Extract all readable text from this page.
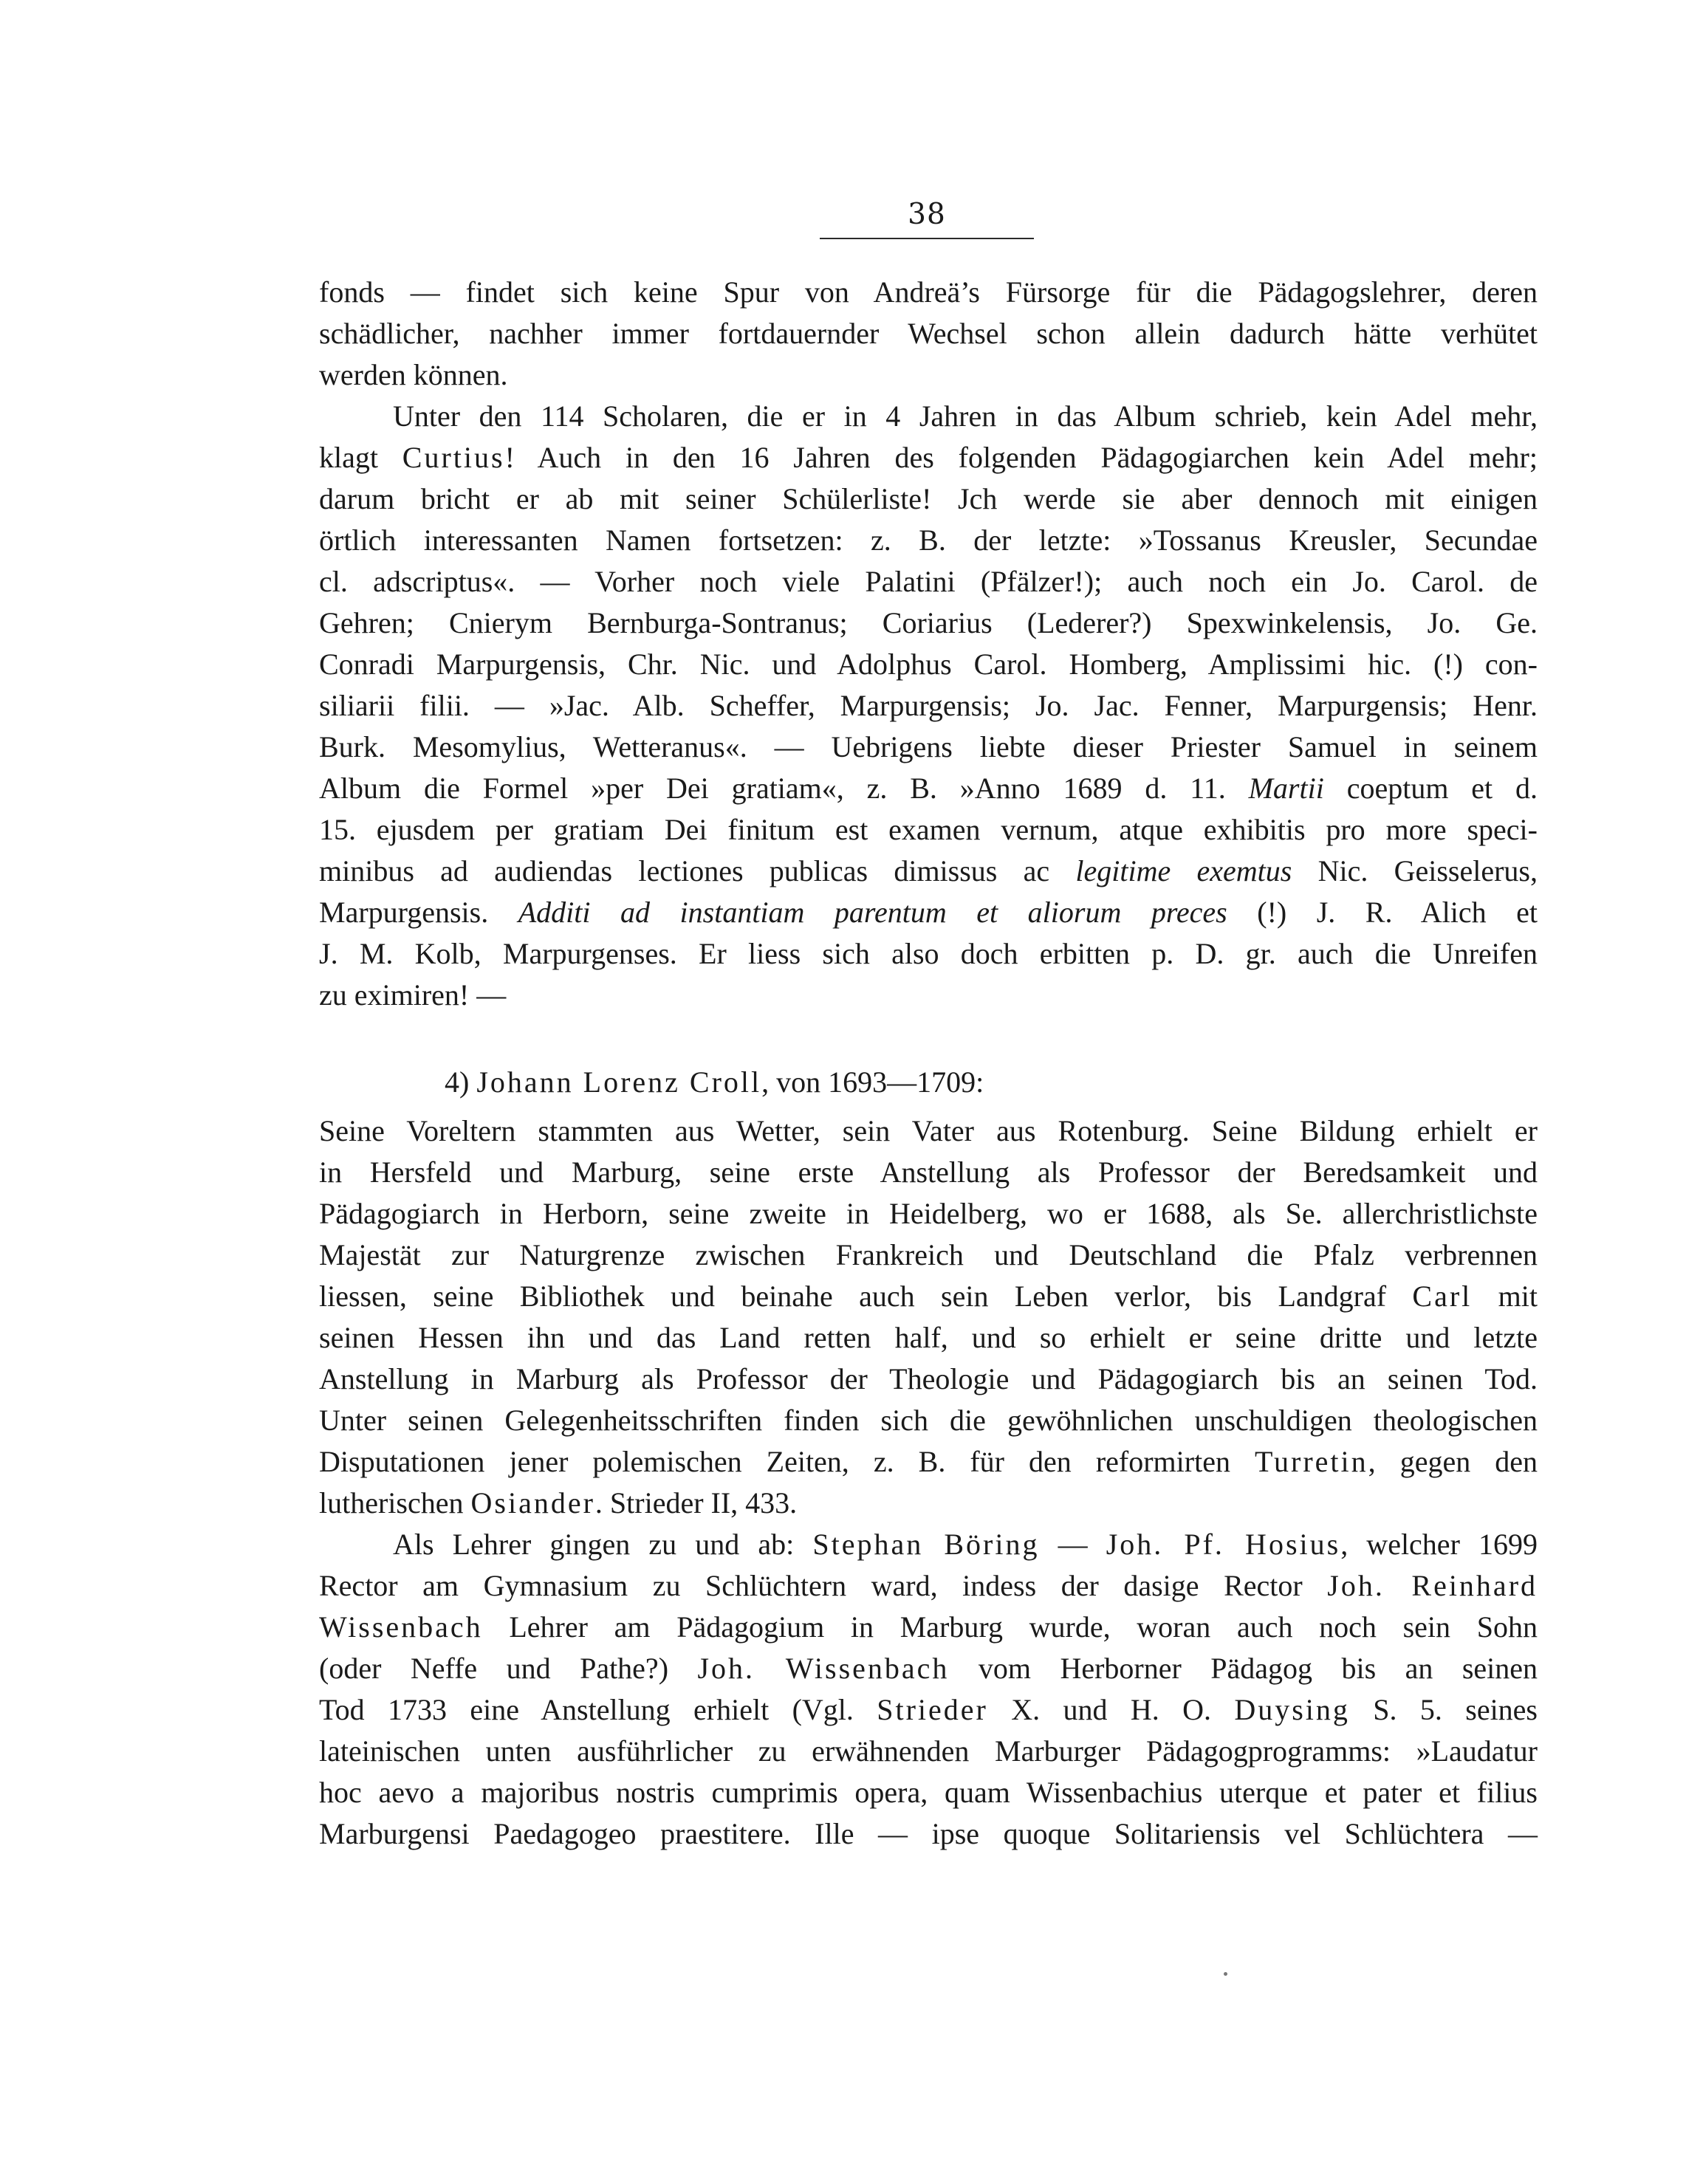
38
fonds — findet sich keine Spur von Andreä’s Fürsorge für die Pädagogslehrer, deren
schädlicher, nachher immer fortdauernder Wechsel schon allein dadurch hätte verhütet
werden können.
Unter den 114 Scholaren, die er in 4 Jahren in das Album schrieb, kein Adel mehr,
klagt Curtius! Auch in den 16 Jahren des folgenden Pädagogiarchen kein Adel mehr;
darum bricht er ab mit seiner Schülerliste! Jch werde sie aber dennoch mit einigen
örtlich interessanten Namen fortsetzen: z. B. der letzte: »Tossanus Kreusler, Secundae
cl. adscriptus«. — Vorher noch viele Palatini (Pfälzer!); auch noch ein Jo. Carol. de
Gehren; Cnierym Bernburga-Sontranus; Coriarius (Lederer?) Spexwinkelensis, Jo. Ge.
Conradi Marpurgensis, Chr. Nic. und Adolphus Carol. Homberg, Amplissimi hic. (!) con-
siliarii filii. — »Jac. Alb. Scheffer, Marpurgensis; Jo. Jac. Fenner, Marpurgensis; Henr.
Burk. Mesomylius, Wetteranus«. — Uebrigens liebte dieser Priester Samuel in seinem
Album die Formel »per Dei gratiam«, z. B. »Anno 1689 d. 11. Martii coeptum et d.
15. ejusdem per gratiam Dei finitum est examen vernum, atque exhibitis pro more speci-
minibus ad audiendas lectiones publicas dimissus ac legitime exemtus Nic. Geisselerus,
Marpurgensis. Additi ad instantiam parentum et aliorum preces (!) J. R. Alich et
J. M. Kolb, Marpurgenses. Er liess sich also doch erbitten p. D. gr. auch die Unreifen
zu eximiren! —
4) Johann Lorenz Croll, von 1693—1709:
Seine Voreltern stammten aus Wetter, sein Vater aus Rotenburg. Seine Bildung erhielt er
in Hersfeld und Marburg, seine erste Anstellung als Professor der Beredsamkeit und
Pädagogiarch in Herborn, seine zweite in Heidelberg, wo er 1688, als Se. allerchristlichste
Majestät zur Naturgrenze zwischen Frankreich und Deutschland die Pfalz verbrennen
liessen, seine Bibliothek und beinahe auch sein Leben verlor, bis Landgraf Carl mit
seinen Hessen ihn und das Land retten half, und so erhielt er seine dritte und letzte
Anstellung in Marburg als Professor der Theologie und Pädagogiarch bis an seinen Tod.
Unter seinen Gelegenheitsschriften finden sich die gewöhnlichen unschuldigen theologischen
Disputationen jener polemischen Zeiten, z. B. für den reformirten Turretin, gegen den
lutherischen Osiander. Strieder II, 433.
Als Lehrer gingen zu und ab: Stephan Böring — Joh. Pf. Hosius, welcher 1699
Rector am Gymnasium zu Schlüchtern ward, indess der dasige Rector Joh. Reinhard
Wissenbach Lehrer am Pädagogium in Marburg wurde, woran auch noch sein Sohn
(oder Neffe und Pathe?) Joh. Wissenbach vom Herborner Pädagog bis an seinen
Tod 1733 eine Anstellung erhielt (Vgl. Strieder X. und H. O. Duysing S. 5. seines
lateinischen unten ausführlicher zu erwähnenden Marburger Pädagogprogramms: »Laudatur
hoc aevo a majoribus nostris cumprimis opera, quam Wissenbachius uterque et pater et filius
Marburgensi Paedagogeo praestitere. Ille — ipse quoque Solitariensis vel Schlüchtera —
